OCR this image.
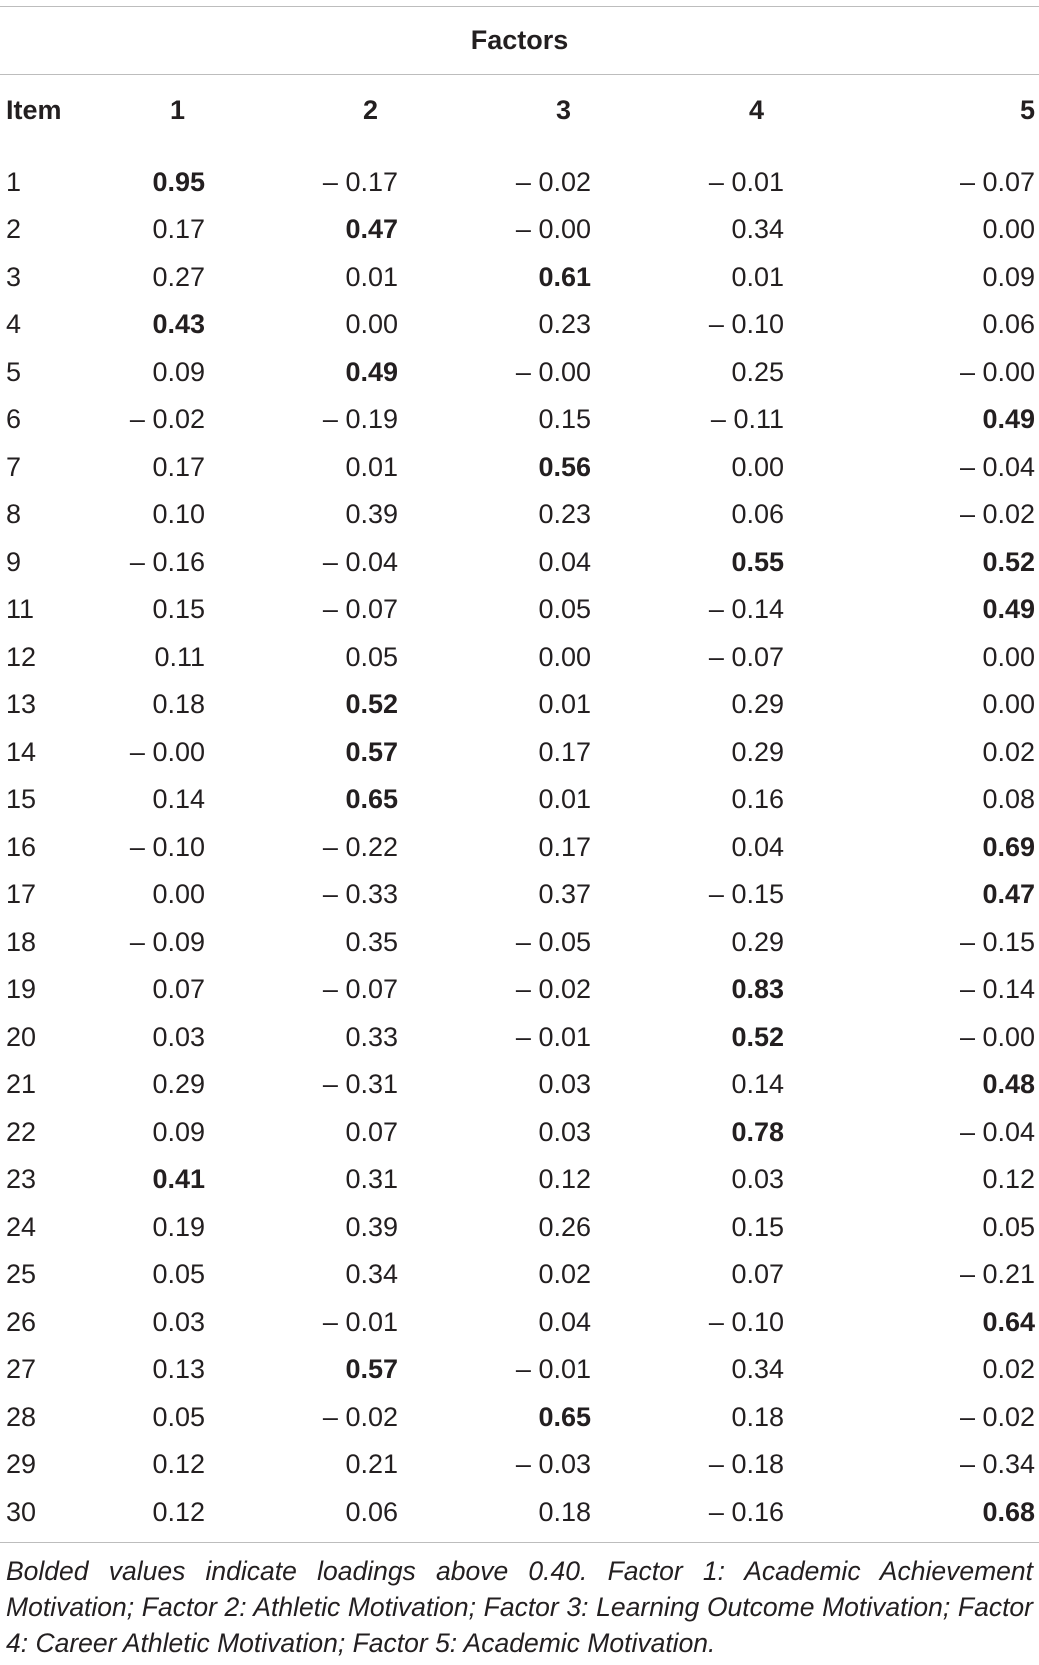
Factors					
Item	1	2	3	4	5
1	0.95	– 0.17	– 0.02	– 0.01	– 0.07
2	0.17	0.47	– 0.00	0.34	0.00
3	0.27	0.01	0.61	0.01	0.09
4	0.43	0.00	0.23	– 0.10	0.06
5	0.09	0.49	– 0.00	0.25	– 0.00
6	– 0.02	– 0.19	0.15	– 0.11	0.49
7	0.17	0.01	0.56	0.00	– 0.04
8	0.10	0.39	0.23	0.06	– 0.02
9	– 0.16	– 0.04	0.04	0.55	0.52
11	0.15	– 0.07	0.05	– 0.14	0.49
12	0.11	0.05	0.00	– 0.07	0.00
13	0.18	0.52	0.01	0.29	0.00
14	– 0.00	0.57	0.17	0.29	0.02
15	0.14	0.65	0.01	0.16	0.08
16	– 0.10	– 0.22	0.17	0.04	0.69
17	0.00	– 0.33	0.37	– 0.15	0.47
18	– 0.09	0.35	– 0.05	0.29	– 0.15
19	0.07	– 0.07	– 0.02	0.83	– 0.14
20	0.03	0.33	– 0.01	0.52	– 0.00
21	0.29	– 0.31	0.03	0.14	0.48
22	0.09	0.07	0.03	0.78	– 0.04
23	0.41	0.31	0.12	0.03	0.12
24	0.19	0.39	0.26	0.15	0.05
25	0.05	0.34	0.02	0.07	– 0.21
26	0.03	– 0.01	0.04	– 0.10	0.64
27	0.13	0.57	– 0.01	0.34	0.02
28	0.05	– 0.02	0.65	0.18	– 0.02
29	0.12	0.21	– 0.03	– 0.18	– 0.34
30	0.12	0.06	0.18	– 0.16	0.68
Bolded values indicate loadings above 0.40. Factor 1: Academic Achievement Motivation; Factor 2: Athletic Motivation; Factor 3: Learning Outcome Motivation; Factor 4: Career Athletic Motivation; Factor 5: Academic Motivation.
